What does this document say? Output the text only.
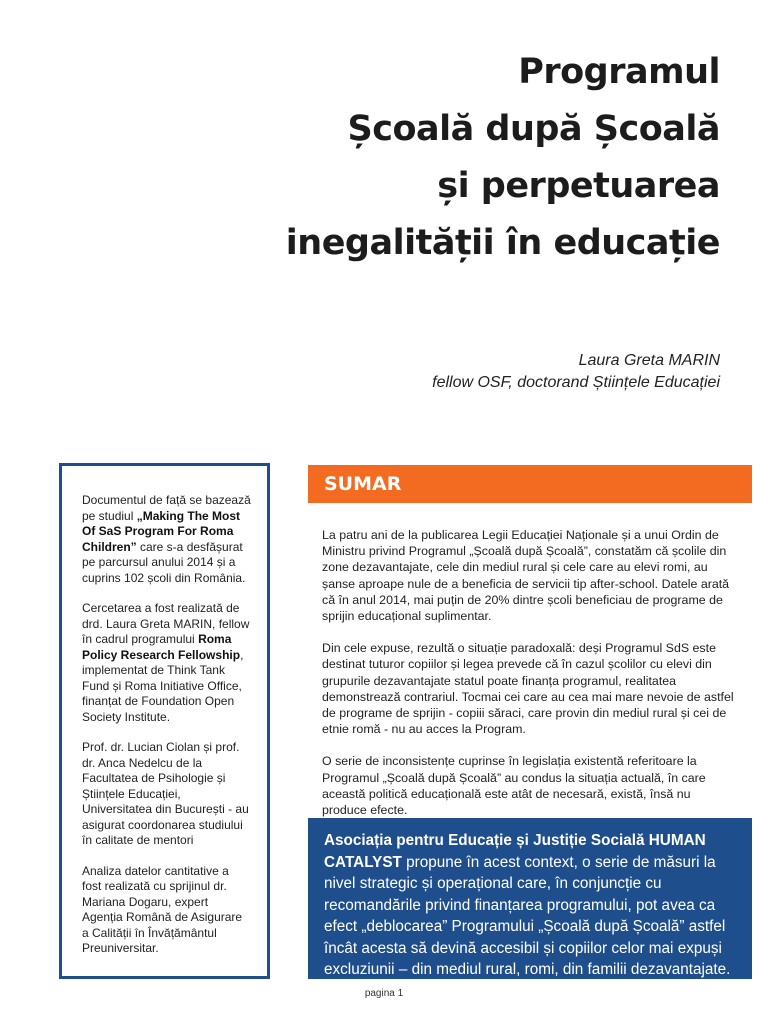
Programul
Școală după Școală
și perpetuarea
inegalității în educație
Laura Greta MARIN
fellow OSF, doctorand Științele Educației

Documentul de față se bazează pe studiul „Making The Most Of SaS Program For Roma Children” care s-a desfășurat pe parcursul anului 2014 și a cuprins 102 școli din România.

Cercetarea a fost realizată de drd. Laura Greta MARIN, fellow în cadrul programului Roma Policy Research Fellowship, implementat de Think Tank Fund și Roma Initiative Office, finanțat de Foundation Open Society Institute.

Prof. dr. Lucian Ciolan și prof. dr. Anca Nedelcu de la Facultatea de Psihologie și Științele Educației, Universitatea din București - au asigurat coordonarea studiului în calitate de mentori

Analiza datelor cantitative a fost realizată cu sprijinul dr. Mariana Dogaru, expert Agenția Română de Asigurare a Calității în Învățământul Preuniversitar.

SUMAR

La patru ani de la publicarea Legii Educației Naționale și a unui Ordin de Ministru privind Programul „Școală după Școală”, constatăm că școlile din zone dezavantajate, cele din mediul rural și cele care au elevi romi, au șanse aproape nule de a beneficia de servicii tip after-school. Datele arată că în anul 2014, mai puțin de 20% dintre școli beneficiau de programe de sprijin educațional suplimentar.

Din cele expuse, rezultă o situație paradoxală: deși Programul SdS este destinat tuturor copiilor și legea prevede că în cazul școlilor cu elevi din grupurile dezavantajate statul poate finanța programul, realitatea demonstrează contrariul. Tocmai cei care au cea mai mare nevoie de astfel de programe de sprijin - copiii săraci, care provin din mediul rural și cei de etnie romă - nu au acces la Program.

O serie de inconsistențe cuprinse în legislația existentă referitoare la Programul „Școală după Școală” au condus la situația actuală, în care această politică educațională este atât de necesară, există, însă nu produce efecte.

Asociația pentru Educație și Justiție Socială HUMAN CATALYST propune în acest context, o serie de măsuri la nivel strategic și operațional care, în conjuncție cu recomandările privind finanțarea programului, pot avea ca efect „deblocarea” Programului „Școală după Școală” astfel încât acesta să devină accesibil și copiilor celor mai expuși excluziunii – din mediul rural, romi, din familii dezavantajate.
pagina 1
